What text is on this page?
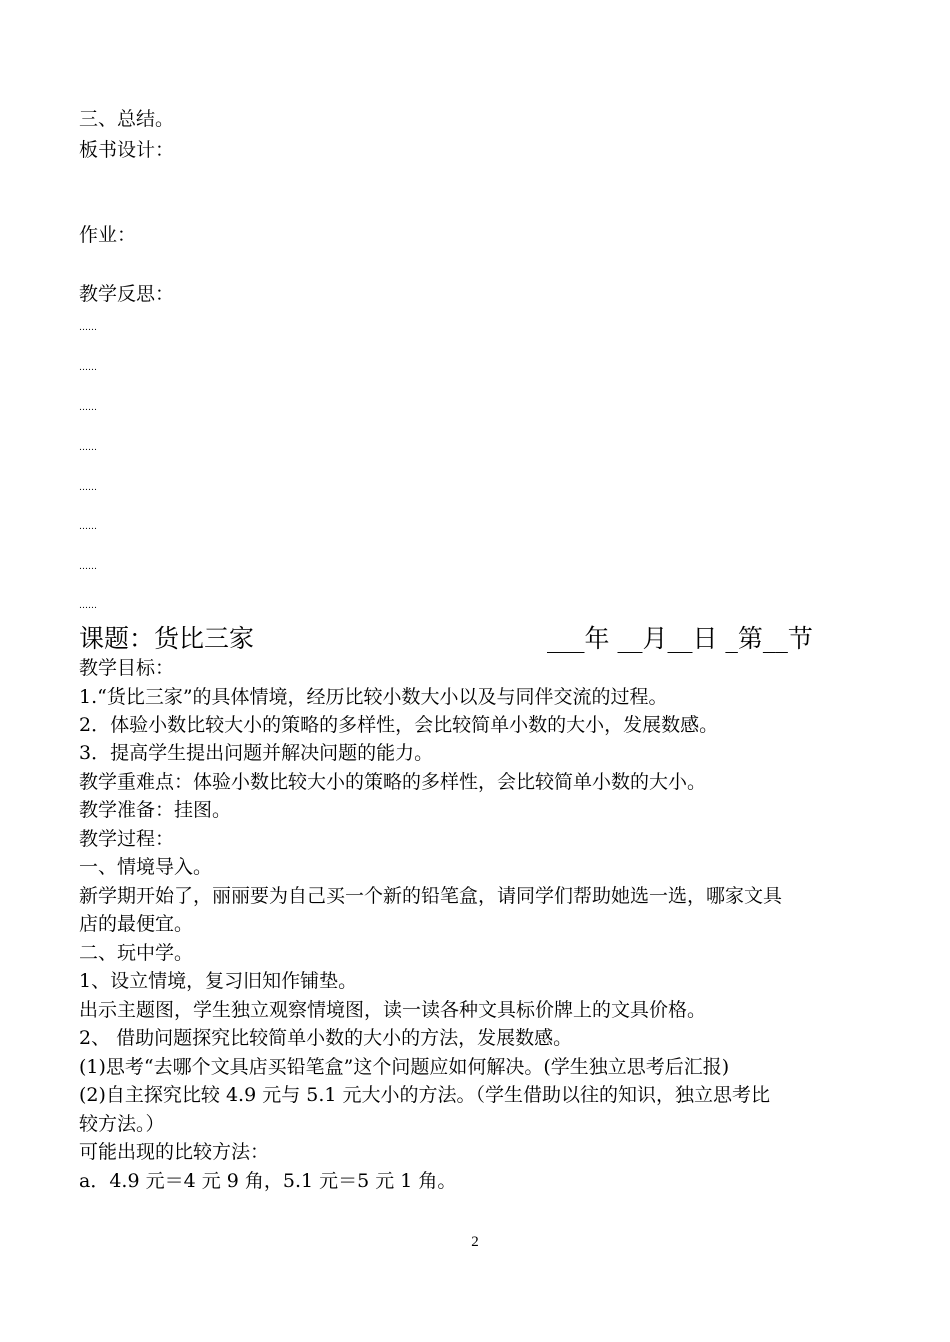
三、总结。
板书设计：
作业：
教学反思：
……
……
……
……
……
……
……
……
课题：货比三家	___年 __月__日 _第__节
教学目标：
1.“货比三家”的具体情境，经历比较小数大小以及与同伴交流的过程。
2．体验小数比较大小的策略的多样性，会比较简单小数的大小，发展数感。
3．提高学生提出问题并解决问题的能力。
教学重难点：体验小数比较大小的策略的多样性，会比较简单小数的大小。
教学准备：挂图。
教学过程：
一、情境导入。
新学期开始了，丽丽要为自己买一个新的铅笔盒，请同学们帮助她选一选，哪家文具
店的最便宜。
二、玩中学。
1、设立情境，复习旧知作铺垫。
出示主题图，学生独立观察情境图，读一读各种文具标价牌上的文具价格。
2、 借助问题探究比较简单小数的大小的方法，发展数感。
(1)思考“去哪个文具店买铅笔盒”这个问题应如何解决。(学生独立思考后汇报)
(2)自主探究比较 4.9 元与 5.1 元大小的方法。（学生借助以往的知识，独立思考比
较方法。）
可能出现的比较方法：
a．4.9 元＝4 元 9 角，5.1 元＝5 元 1 角。
2
